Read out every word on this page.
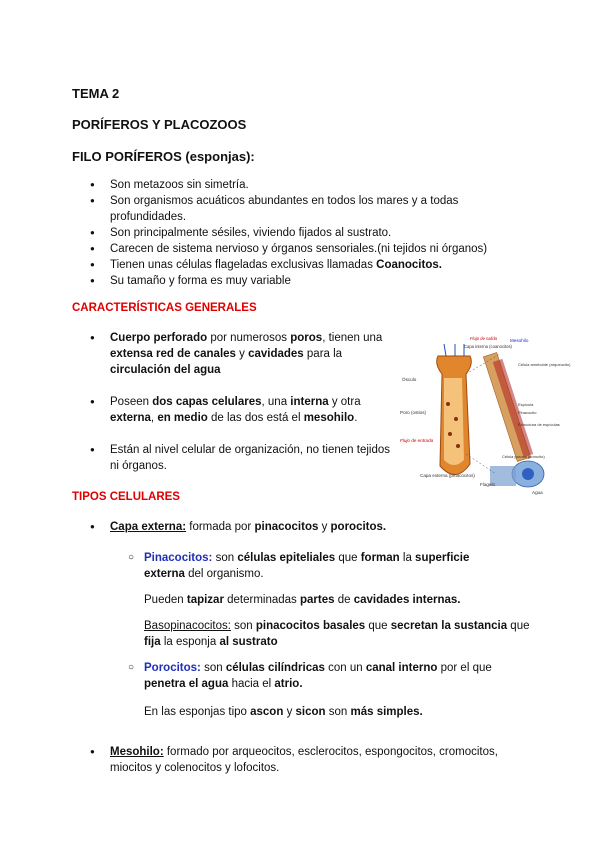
TEMA 2
PORÍFEROS Y PLACOZOOS
FILO PORÍFEROS (esponjas):
● Son metazoos sin simetría.
● Son organismos acuáticos abundantes en todos los mares y a todas profundidades.
● Son principalmente sésiles, viviendo fijados al sustrato.
● Carecen de sistema nervioso y órganos sensoriales.(ni tejidos ni órganos)
● Tienen unas células flageladas exclusivas llamadas Coanocitos.
● Su tamaño y forma es muy variable
CARACTERÍSTICAS GENERALES
● Cuerpo perforado por numerosos poros, tienen una extensa red de canales y cavidades para la circulación del agua
● Poseen dos capas celulares, una interna y otra externa, en medio de las dos está el mesohilo.
● Están al nivel celular de organización, no tienen tejidos ni órganos.
Ósculo
Poro (ostios)
Flujo de entrada
Capa interna (coanocitos)
Mesohilo
Célula ameboide (arqueocito)
Espícula
Pinacocito
Capa externa (pinacocitos)
Flagelo
Agua
Estructura de espículas
Célula porosa (porocito)
Flujo de salida
TIPOS CELULARES
●	Capa externa: formada por pinacocitos y porocitos.
○ Pinacocitos: son células epiteliales que forman la superficie externa del organismo.
Pueden tapizar determinadas partes de cavidades internas.
Basopinacocitos: son pinacocitos basales que secretan la sustancia que fija la esponja al sustrato
○ Porocitos: son células cilíndricas con un canal interno por el que penetra el agua hacia el atrio.
En las esponjas tipo ascon y sicon son más simples.
●	Mesohilo: formado por arqueocitos, esclerocitos, espongocitos, cromocitos, miocitos y colenocitos y lofocitos.
